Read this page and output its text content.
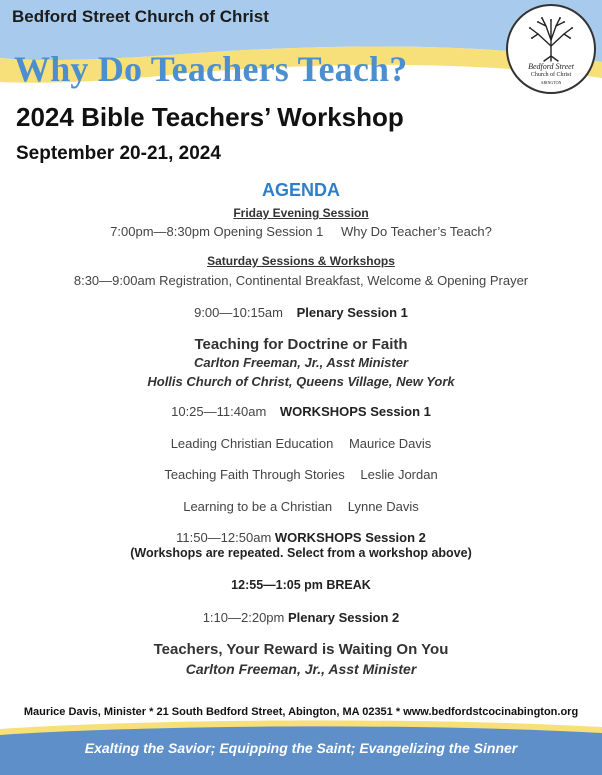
Bedford Street Church of Christ
Why Do Teachers Teach?	Bedford Street
Church of Christ
ABINGTON
2024 Bible Teachers’ Workshop
September 20-21, 2024
AGENDA
Friday Evening Session
7:00pm—8:30pm Opening Session 1 Why Do Teacher’s Teach?
Saturday Sessions & Workshops
8:30—9:00am Registration, Continental Breakfast, Welcome & Opening Prayer
9:00—10:15am Plenary Session 1
Teaching for Doctrine or Faith
Carlton Freeman, Jr., Asst Minister
Hollis Church of Christ, Queens Village, New York
10:25—11:40am WORKSHOPS Session 1
Leading Christian Education Maurice Davis
Teaching Faith Through Stories Leslie Jordan
Learning to be a Christian Lynne Davis
11:50—12:50am WORKSHOPS Session 2
(Workshops are repeated. Select from a workshop above)
12:55—1:05 pm BREAK
1:10—2:20pm Plenary Session 2
Teachers, Your Reward is Waiting On You
Carlton Freeman, Jr., Asst Minister
Maurice Davis, Minister * 21 South Bedford Street, Abington, MA 02351 * www.bedfordstcocinabington.org
Exalting the Savior; Equipping the Saint; Evangelizing the Sinner
